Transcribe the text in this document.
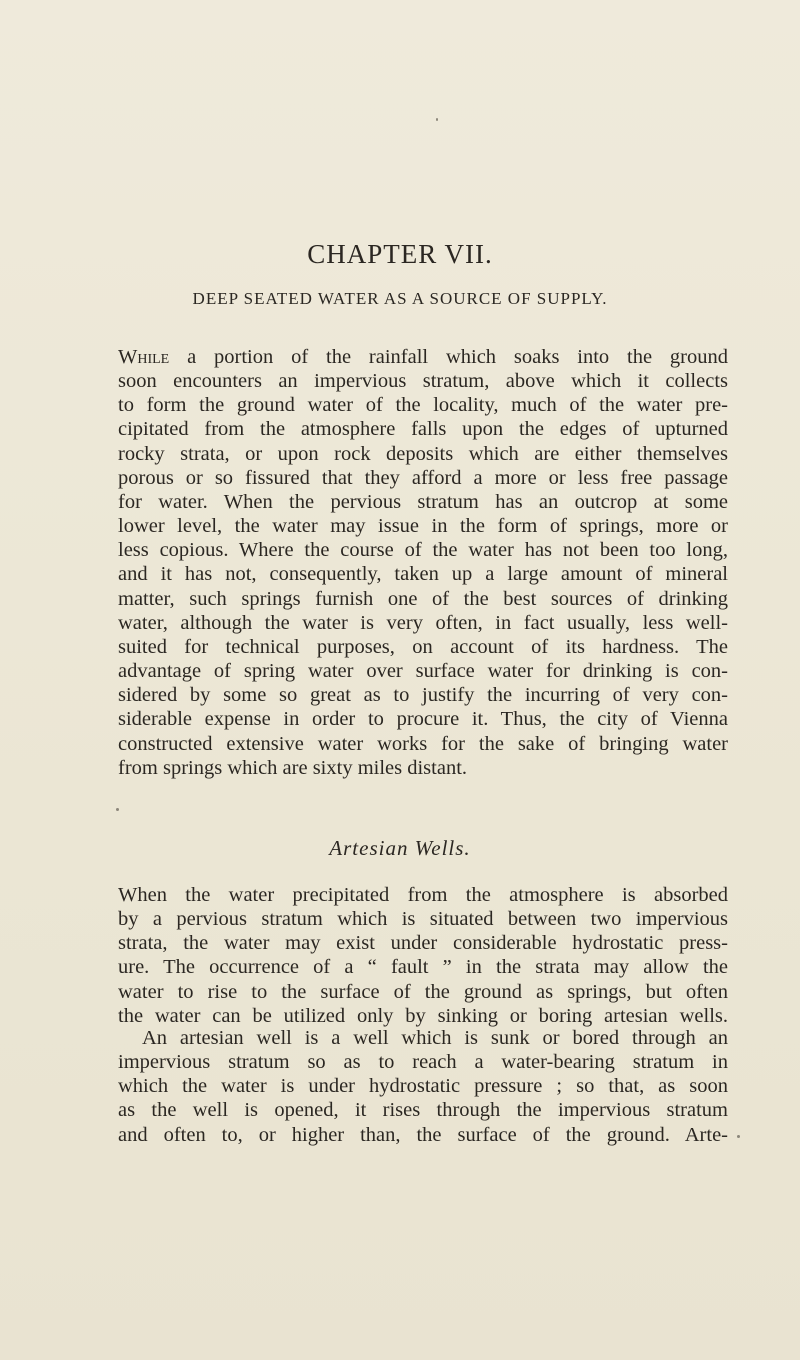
CHAPTER VII.
DEEP SEATED WATER AS A SOURCE OF SUPPLY.
While a portion of the rainfall which soaks into the ground
soon encounters an impervious stratum, above which it collects
to form the ground water of the locality, much of the water pre-
cipitated from the atmosphere falls upon the edges of upturned
rocky strata, or upon rock deposits which are either themselves
porous or so fissured that they afford a more or less free passage
for water. When the pervious stratum has an outcrop at some
lower level, the water may issue in the form of springs, more or
less copious. Where the course of the water has not been too long,
and it has not, consequently, taken up a large amount of mineral
matter, such springs furnish one of the best sources of drinking
water, although the water is very often, in fact usually, less well-
suited for technical purposes, on account of its hardness. The
advantage of spring water over surface water for drinking is con-
sidered by some so great as to justify the incurring of very con-
siderable expense in order to procure it. Thus, the city of Vienna
constructed extensive water works for the sake of bringing water
from springs which are sixty miles distant.
Artesian Wells.
When the water precipitated from the atmosphere is absorbed
by a pervious stratum which is situated between two impervious
strata, the water may exist under considerable hydrostatic press-
ure. The occurrence of a “ fault ” in the strata may allow the
water to rise to the surface of the ground as springs, but often
the water can be utilized only by sinking or boring artesian wells.
An artesian well is a well which is sunk or bored through an
impervious stratum so as to reach a water-bearing stratum in
which the water is under hydrostatic pressure ; so that, as soon
as the well is opened, it rises through the impervious stratum
and often to, or higher than, the surface of the ground. Arte-
